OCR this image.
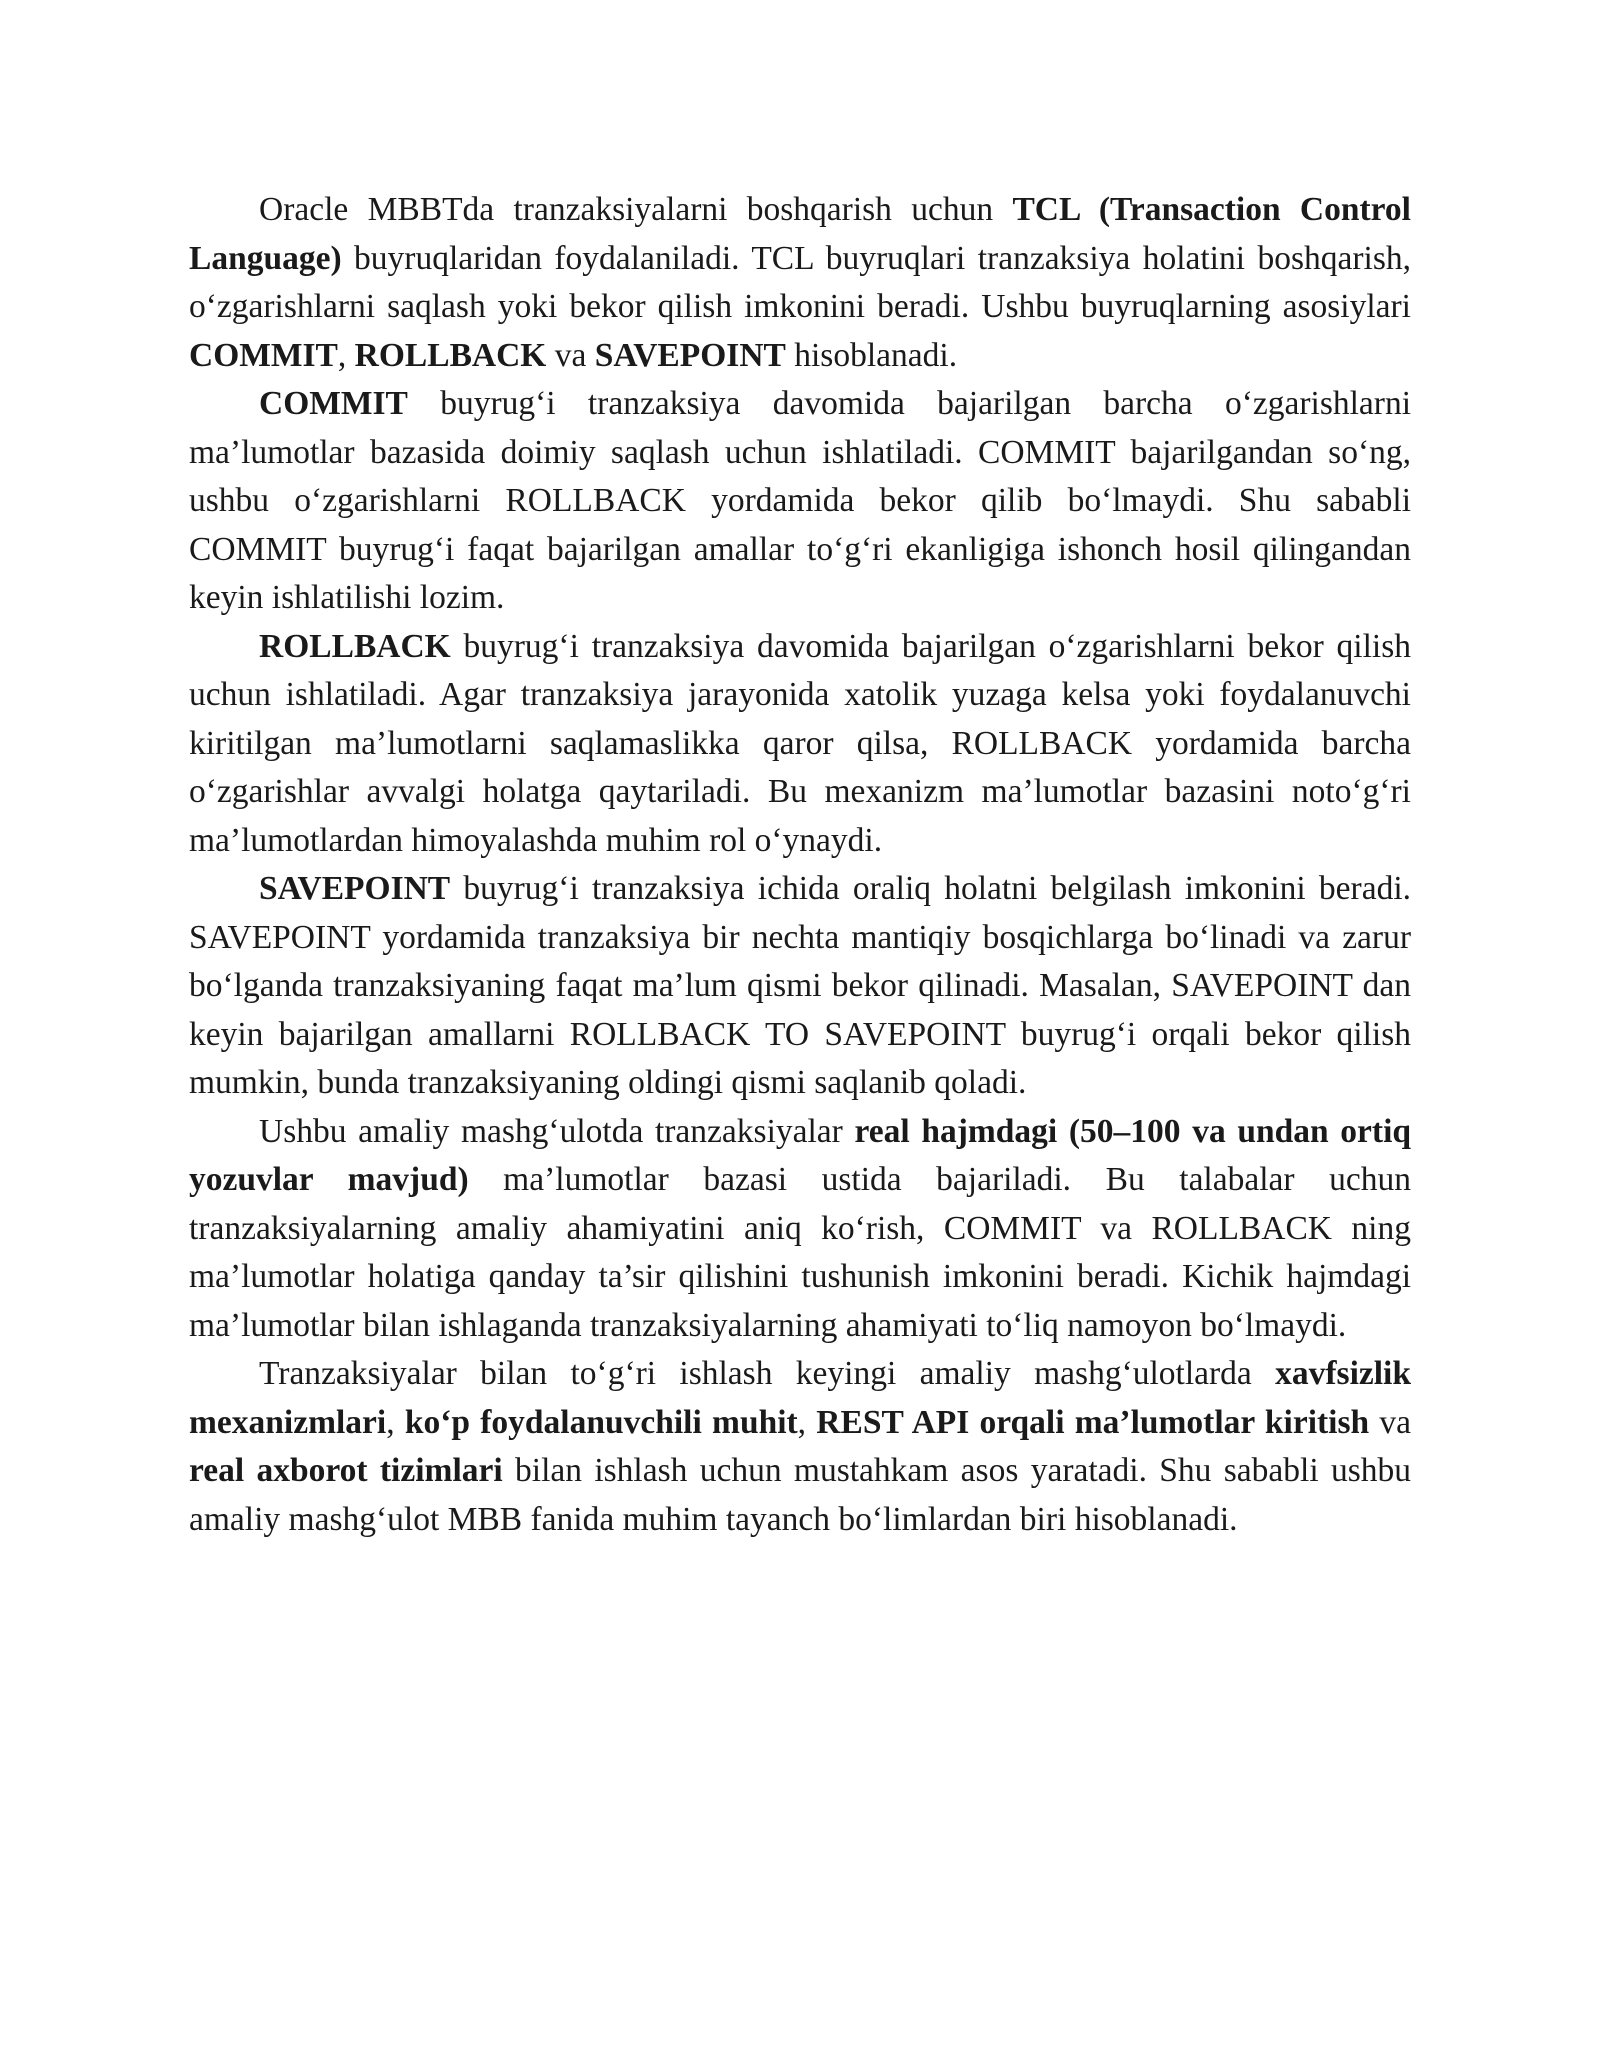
Oracle MBBTda tranzaksiyalarni boshqarish uchun TCL (Transaction Control Language) buyruqlaridan foydalaniladi. TCL buyruqlari tranzaksiya holatini boshqarish, o‘zgarishlarni saqlash yoki bekor qilish imkonini beradi. Ushbu buyruqlarning asosiylari COMMIT, ROLLBACK va SAVEPOINT hisoblanadi.

COMMIT buyrug‘i tranzaksiya davomida bajarilgan barcha o‘zgarishlarni ma’lumotlar bazasida doimiy saqlash uchun ishlatiladi. COMMIT bajarilgandan so‘ng, ushbu o‘zgarishlarni ROLLBACK yordamida bekor qilib bo‘lmaydi. Shu sababli COMMIT buyrug‘i faqat bajarilgan amallar to‘g‘ri ekanligiga ishonch hosil qilingandan keyin ishlatilishi lozim.

ROLLBACK buyrug‘i tranzaksiya davomida bajarilgan o‘zgarishlarni bekor qilish uchun ishlatiladi. Agar tranzaksiya jarayonida xatolik yuzaga kelsa yoki foydalanuvchi kiritilgan ma’lumotlarni saqlamaslikka qaror qilsa, ROLLBACK yordamida barcha o‘zgarishlar avvalgi holatga qaytariladi. Bu mexanizm ma’lumotlar bazasini noto‘g‘ri ma’lumotlardan himoyalashda muhim rol o‘ynaydi.

SAVEPOINT buyrug‘i tranzaksiya ichida oraliq holatni belgilash imkonini beradi. SAVEPOINT yordamida tranzaksiya bir nechta mantiqiy bosqichlarga bo‘linadi va zarur bo‘lganda tranzaksiyaning faqat ma’lum qismi bekor qilinadi. Masalan, SAVEPOINT dan keyin bajarilgan amallarni ROLLBACK TO SAVEPOINT buyrug‘i orqali bekor qilish mumkin, bunda tranzaksiyaning oldingi qismi saqlanib qoladi.

Ushbu amaliy mashg‘ulotda tranzaksiyalar real hajmdagi (50–100 va undan ortiq yozuvlar mavjud) ma’lumotlar bazasi ustida bajariladi. Bu talabalar uchun tranzaksiyalarning amaliy ahamiyatini aniq ko‘rish, COMMIT va ROLLBACK ning ma’lumotlar holatiga qanday ta’sir qilishini tushunish imkonini beradi. Kichik hajmdagi ma’lumotlar bilan ishlaganda tranzaksiyalarning ahamiyati to‘liq namoyon bo‘lmaydi.

Tranzaksiyalar bilan to‘g‘ri ishlash keyingi amaliy mashg‘ulotlarda xavfsizlik mexanizmlari, ko‘p foydalanuvchili muhit, REST API orqali ma’lumotlar kiritish va real axborot tizimlari bilan ishlash uchun mustahkam asos yaratadi. Shu sababli ushbu amaliy mashg‘ulot MBB fanida muhim tayanch bo‘limlardan biri hisoblanadi.
